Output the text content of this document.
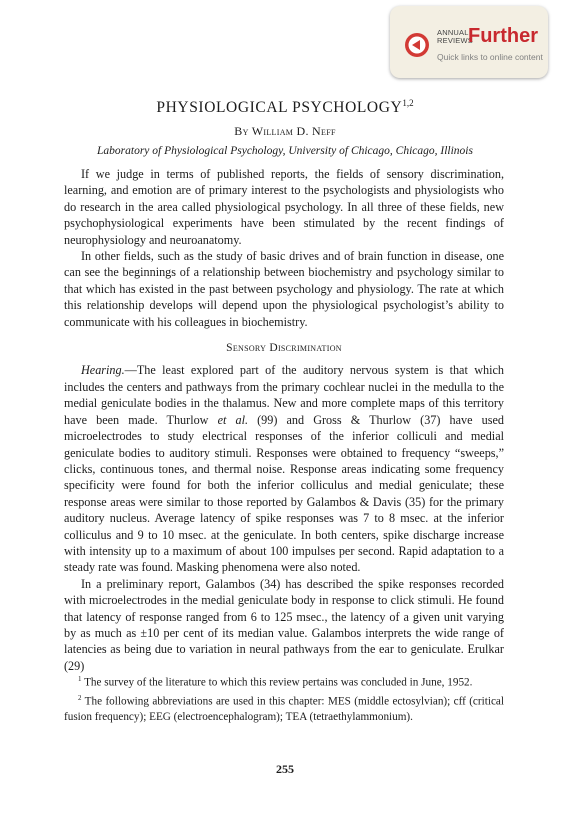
ANNUAL
REVIEWS
Further
Quick links to online content
PHYSIOLOGICAL PSYCHOLOGY$^{1,2}$
By William D. Neff
Laboratory of Physiological Psychology, University of Chicago, Chicago, Illinois

If we judge in terms of published reports, the fields of sensory discrimination, learning, and emotion are of primary interest to the psychologists and physiologists who do research in the area called physiological psychology. In all three of these fields, new psychophysiological experiments have been stimulated by the recent findings of neurophysiology and neuroanatomy.

In other fields, such as the study of basic drives and of brain function in disease, one can see the beginnings of a relationship between biochemistry and psychology similar to that which has existed in the past between psychology and physiology. The rate at which this relationship develops will depend upon the physiological psychologist’s ability to communicate with his colleagues in biochemistry.

Sensory Discrimination

Hearing.—The least explored part of the auditory nervous system is that which includes the centers and pathways from the primary cochlear nuclei in the medulla to the medial geniculate bodies in the thalamus. New and more complete maps of this territory have been made. Thurlow et al. (99) and Gross & Thurlow (37) have used microelectrodes to study electrical responses of the inferior colliculi and medial geniculate bodies to auditory stimuli. Responses were obtained to frequency “sweeps,” clicks, continuous tones, and thermal noise. Response areas indicating some frequency specificity were found for both the inferior colliculus and medial geniculate; these response areas were similar to those reported by Galambos & Davis (35) for the primary auditory nucleus. Average latency of spike responses was 7 to 8 msec. at the inferior colliculus and 9 to 10 msec. at the geniculate. In both centers, spike discharge increase with intensity up to a maximum of about 100 impulses per second. Rapid adaptation to a steady rate was found. Masking phenomena were also noted.

In a preliminary report, Galambos (34) has described the spike responses recorded with microelectrodes in the medial geniculate body in response to click stimuli. He found that latency of response ranged from 6 to 125 msec., the latency of a given unit varying by as much as ±10 per cent of its median value. Galambos interprets the wide range of latencies as being due to variation in neural pathways from the ear to geniculate. Erulkar (29)

$^1$ The survey of the literature to which this review pertains was concluded in June, 1952.

$^2$ The following abbreviations are used in this chapter: MES (middle ectosylvian); cff (critical fusion frequency); EEG (electroencephalogram); TEA (tetraethylammonium).

255
